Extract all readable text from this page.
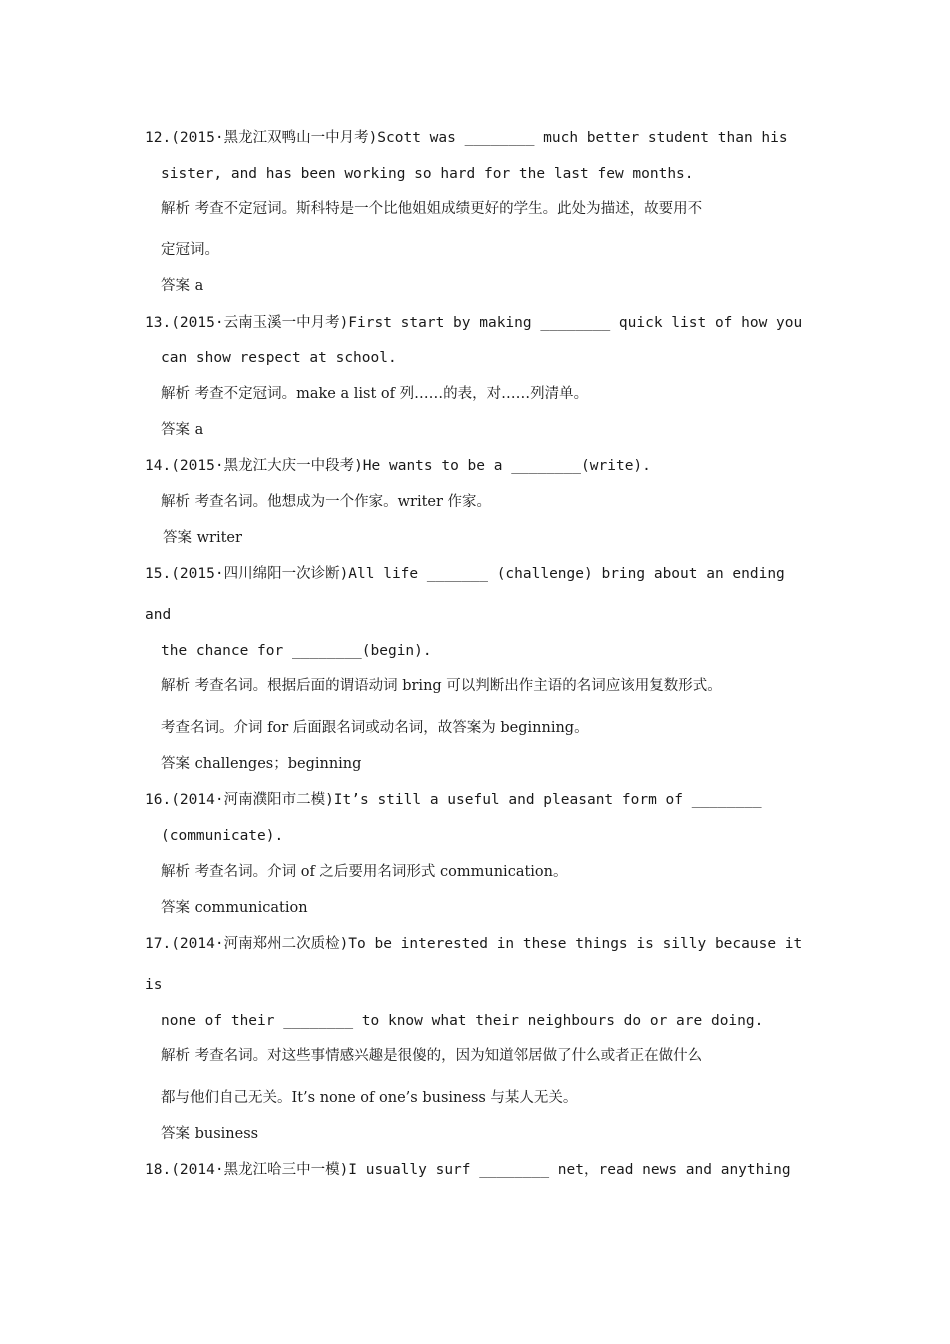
12.(2015·黑龙江双鸭山一中月考)Scott was ________ much better student than his
sister, and has been working so hard for the last few months.
解析 考查不定冠词。斯科特是一个比他姐姐成绩更好的学生。此处为描述，故要用不
定冠词。
答案 a
13.(2015·云南玉溪一中月考)First start by making ________ quick list of how you
can show respect at school.
解析 考查不定冠词。make a list of 列……的表，对……列清单。
答案 a
14.(2015·黑龙江大庆一中段考)He wants to be a ________(write).
解析 考查名词。他想成为一个作家。writer 作家。
答案 writer
15.(2015·四川绵阳一次诊断)All life _______ (challenge) bring about an ending
and
the chance for ________(begin).
解析 考查名词。根据后面的谓语动词 bring 可以判断出作主语的名词应该用复数形式。
考查名词。介词 for 后面跟名词或动名词，故答案为 beginning。
答案 challenges；beginning
16.(2014·河南濮阳市二模)It’s still a useful and pleasant form of ________
(communicate).
解析 考查名词。介词 of 之后要用名词形式 communication。
答案 communication
17.(2014·河南郑州二次质检)To be interested in these things is silly because it
is
none of their ________ to know what their neighbours do or are doing.
解析 考查名词。对这些事情感兴趣是很傻的，因为知道邻居做了什么或者正在做什么
都与他们自己无关。It’s none of one’s business 与某人无关。
答案 business
18.(2014·黑龙江哈三中一模)I usually surf ________ net，read news and anything
